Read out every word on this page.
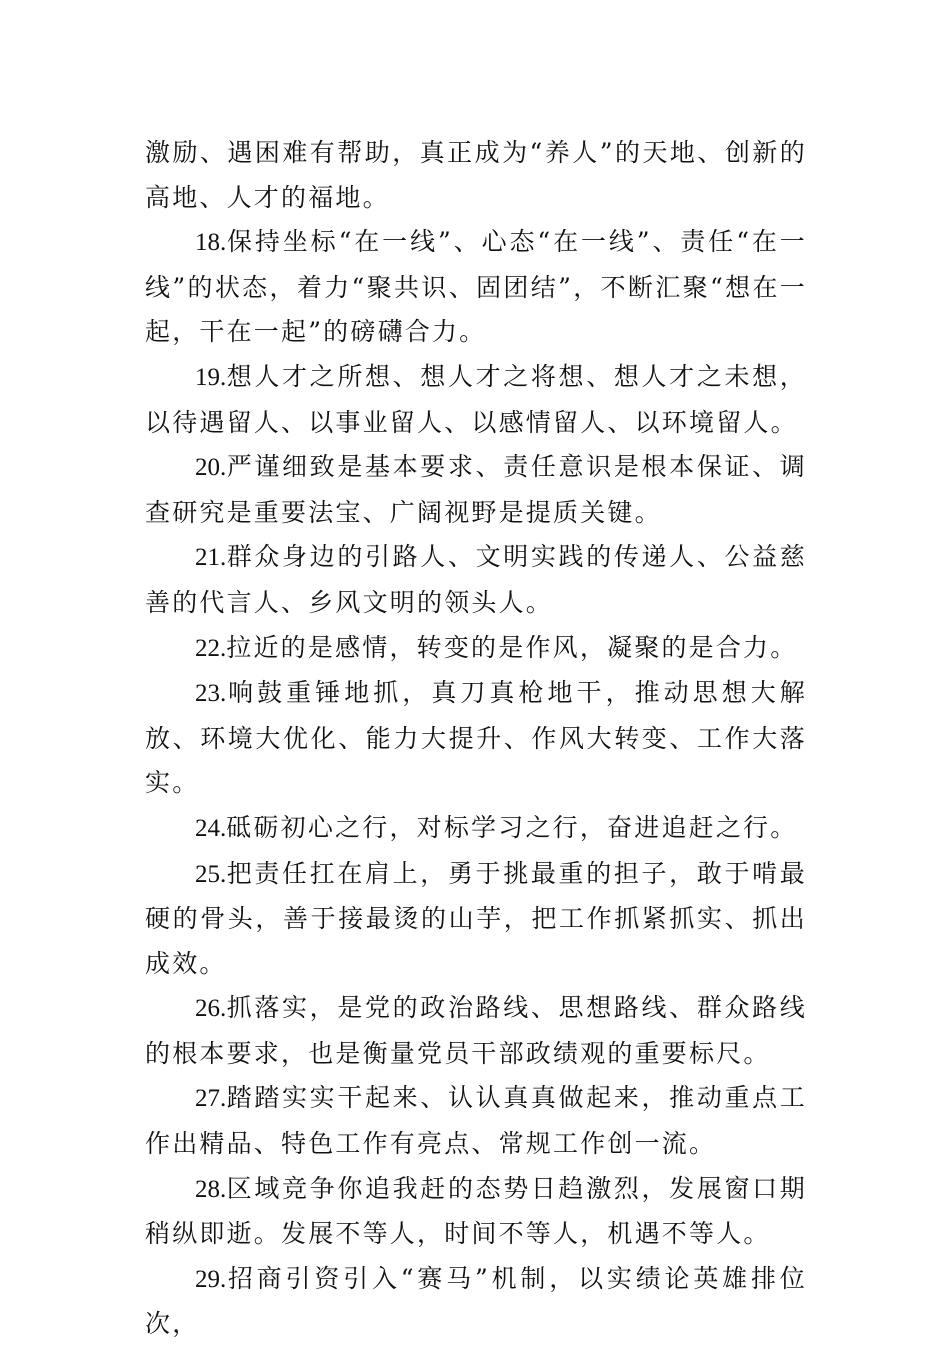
激励、遇困难有帮助，真正成为“养人”的天地、创新的高地、人才的福地。

18.保持坐标“在一线”、心态“在一线”、责任“在一线”的状态，着力“聚共识、固团结”，不断汇聚“想在一起，干在一起”的磅礴合力。

19.想人才之所想、想人才之将想、想人才之未想，以待遇留人、以事业留人、以感情留人、以环境留人。

20.严谨细致是基本要求、责任意识是根本保证、调查研究是重要法宝、广阔视野是提质关键。

21.群众身边的引路人、文明实践的传递人、公益慈善的代言人、乡风文明的领头人。

22.拉近的是感情，转变的是作风，凝聚的是合力。

23.响鼓重锤地抓，真刀真枪地干，推动思想大解放、环境大优化、能力大提升、作风大转变、工作大落实。

24.砥砺初心之行，对标学习之行，奋进追赶之行。

25.把责任扛在肩上，勇于挑最重的担子，敢于啃最硬的骨头，善于接最烫的山芋，把工作抓紧抓实、抓出成效。

26.抓落实，是党的政治路线、思想路线、群众路线的根本要求，也是衡量党员干部政绩观的重要标尺。

27.踏踏实实干起来、认认真真做起来，推动重点工作出精品、特色工作有亮点、常规工作创一流。

28.区域竞争你追我赶的态势日趋激烈，发展窗口期稍纵即逝。发展不等人，时间不等人，机遇不等人。

29.招商引资引入“赛马”机制，以实绩论英雄排位次，
